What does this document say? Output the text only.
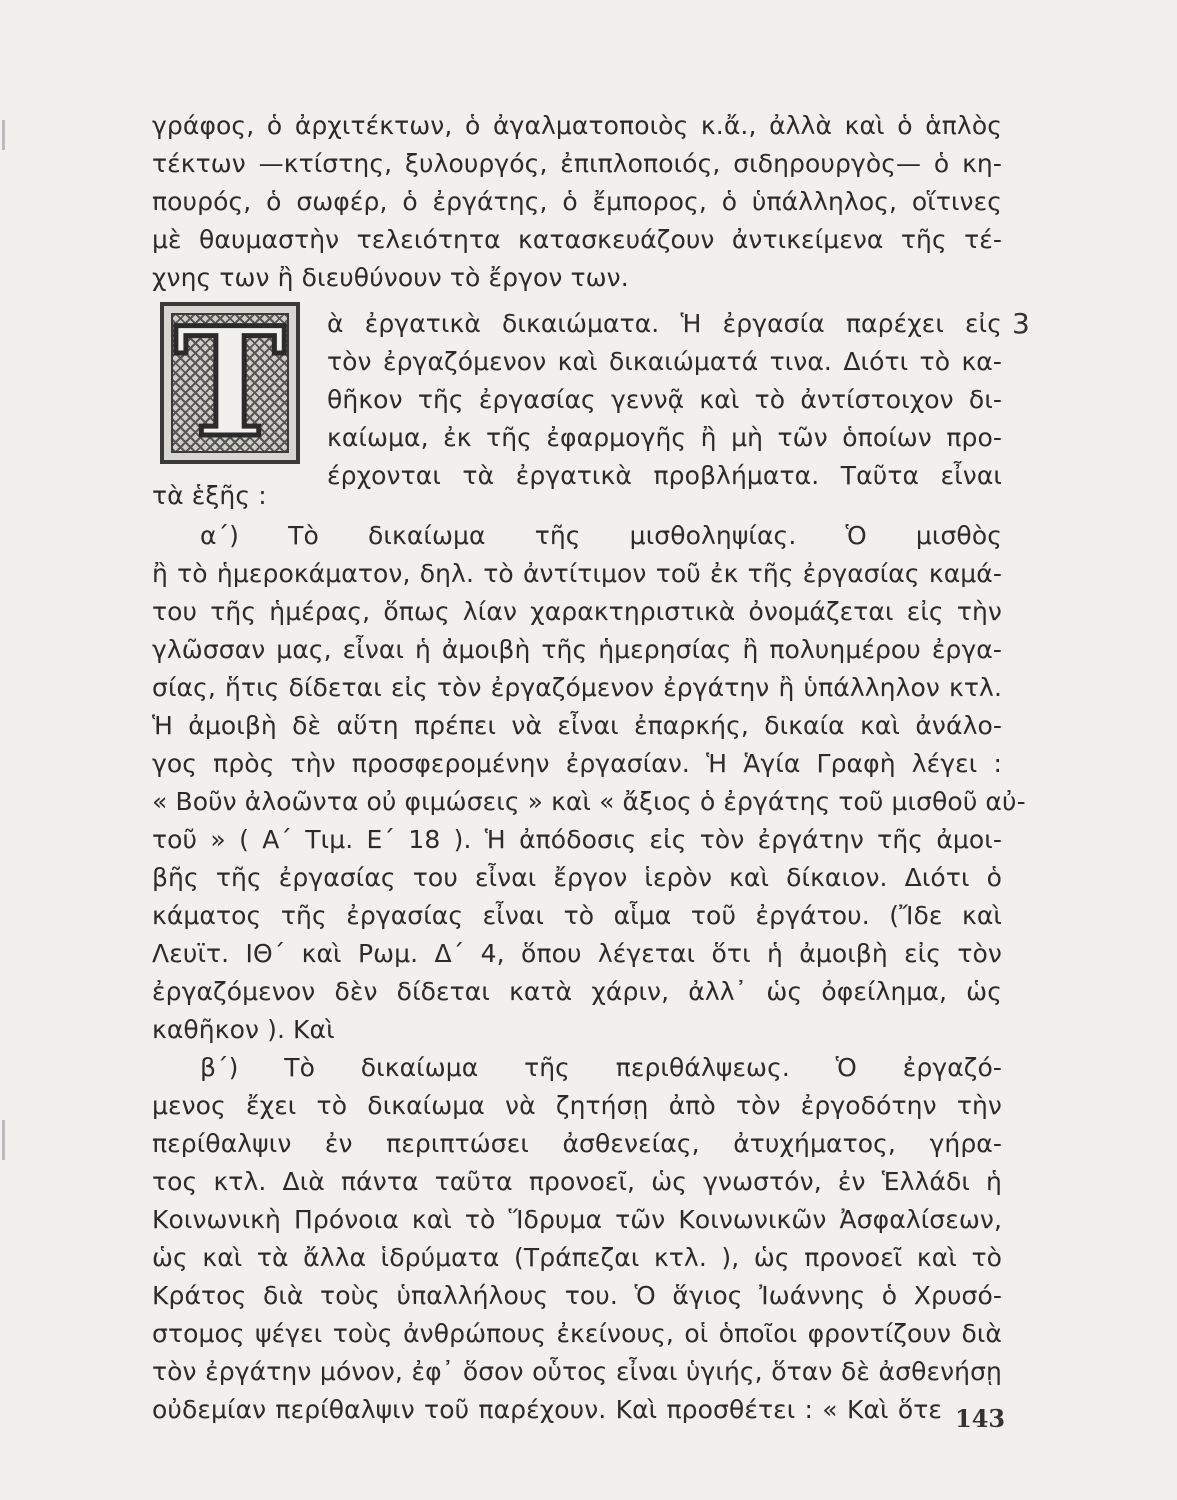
γράφος, ὁ ἀρχιτέκτων, ὁ ἀγαλματοποιὸς κ.ἄ., ἀλλὰ καὶ ὁ ἁπλὸς
τέκτων —κτίστης, ξυλουργός, ἐπιπλοποιός, σιδηρουργὸς— ὁ κη-
πουρός, ὁ σωφέρ, ὁ ἐργάτης, ὁ ἔμπορος, ὁ ὑπάλληλος, οἵτινες
μὲ θαυμαστὴν τελειότητα κατασκευάζουν ἀντικείμενα τῆς τέ-
χνης των ἢ διευθύνουν τὸ ἔργον των.
Τ	3
ὰ ἐργατικὰ δικαιώματα. Ἡ ἐργασία παρέχει εἰς
τὸν ἐργαζόμενον καὶ δικαιώματά τινα. Διότι τὸ κα-
θῆκον τῆς ἐργασίας γεννᾷ καὶ τὸ ἀντίστοιχον δι-
καίωμα, ἐκ τῆς ἐφαρμογῆς ἢ μὴ τῶν ὁποίων προ-
έρχονται τὰ ἐργατικὰ προβλήματα. Ταῦτα εἶναι
τὰ ἑξῆς :
α΄) Τὸ δικαίωμα τῆς μισθοληψίας. Ὁ μισθὸς
ἢ τὸ ἡμεροκάματον, δηλ. τὸ ἀντίτιμον τοῦ ἐκ τῆς ἐργασίας καμά-
του τῆς ἡμέρας, ὅπως λίαν χαρακτηριστικὰ ὀνομάζεται εἰς τὴν
γλῶσσαν μας, εἶναι ἡ ἀμοιβὴ τῆς ἡμερησίας ἢ πολυημέρου ἐργα-
σίας, ἥτις δίδεται εἰς τὸν ἐργαζόμενον ἐργάτην ἢ ὑπάλληλον κτλ.
Ἡ ἀμοιβὴ δὲ αὕτη πρέπει νὰ εἶναι ἐπαρκής, δικαία καὶ ἀνάλο-
γος πρὸς τὴν προσφερομένην ἐργασίαν. Ἡ Ἁγία Γραφὴ λέγει :
« Βοῦν ἀλοῶντα οὐ φιμώσεις » καὶ « ἄξιος ὁ ἐργάτης τοῦ μισθοῦ αὐ-
τοῦ » ( Α΄ Τιμ. Ε΄ 18 ). Ἡ ἀπόδοσις εἰς τὸν ἐργάτην τῆς ἀμοι-
βῆς τῆς ἐργασίας του εἶναι ἔργον ἱερὸν καὶ δίκαιον. Διότι ὁ
κάματος τῆς ἐργασίας εἶναι τὸ αἷμα τοῦ ἐργάτου. (Ἴδε καὶ
Λευϊτ. ΙΘ΄ καὶ Ρωμ. Δ΄ 4, ὅπου λέγεται ὅτι ἡ ἀμοιβὴ εἰς τὸν
ἐργαζόμενον δὲν δίδεται κατὰ χάριν, ἀλλ᾽ ὡς ὀφείλημα, ὡς
καθῆκον ). Καὶ
β΄) Τὸ δικαίωμα τῆς περιθάλψεως. Ὁ ἐργαζό-
μενος ἔχει τὸ δικαίωμα νὰ ζητήσῃ ἀπὸ τὸν ἐργοδότην τὴν
περίθαλψιν ἐν περιπτώσει ἀσθενείας, ἀτυχήματος, γήρα-
τος κτλ. Διὰ πάντα ταῦτα προνοεῖ, ὡς γνωστόν, ἐν Ἑλλάδι ἡ
Κοινωνικὴ Πρόνοια καὶ τὸ Ἵδρυμα τῶν Κοινωνικῶν Ἀσφαλίσεων,
ὡς καὶ τὰ ἄλλα ἱδρύματα (Τράπεζαι κτλ. ), ὡς προνοεῖ καὶ τὸ
Κράτος διὰ τοὺς ὑπαλλήλους του. Ὁ ἅγιος Ἰωάννης ὁ Χρυσό-
στομος ψέγει τοὺς ἀνθρώπους ἐκείνους, οἱ ὁποῖοι φροντίζουν διὰ
τὸν ἐργάτην μόνον, ἐφ᾽ ὅσον οὗτος εἶναι ὑγιής, ὅταν δὲ ἀσθενήσῃ
οὐδεμίαν περίθαλψιν τοῦ παρέχουν. Καὶ προσθέτει : « Καὶ ὅτε 143
